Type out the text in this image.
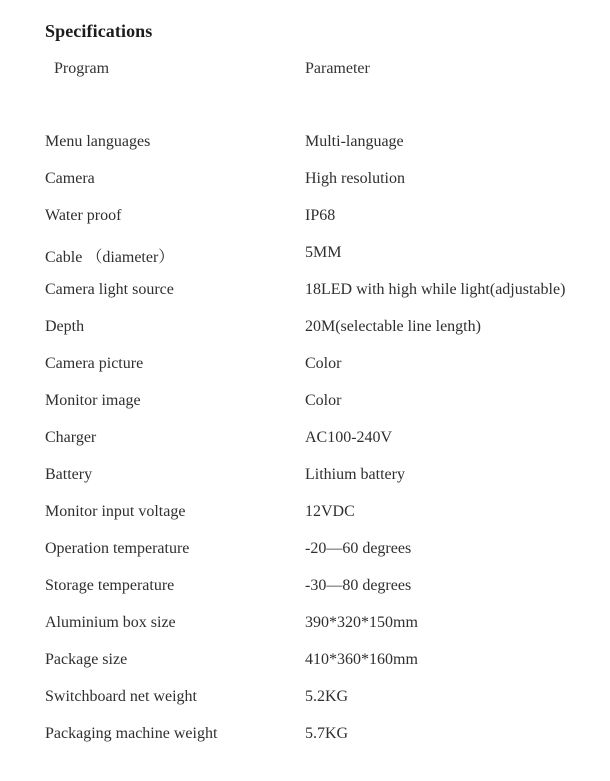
Specifications
Program	Parameter
Menu languages	Multi-language
Camera	High resolution
Water proof	IP68
Cable （diameter）	5MM
Camera light source	18LED with high while light(adjustable)
Depth	20M(selectable line length)
Camera picture	Color
Monitor image	Color
Charger	AC100-240V
Battery	Lithium battery
Monitor input voltage	12VDC
Operation temperature	-20—60 degrees
Storage temperature	-30—80 degrees
Aluminium box size	390*320*150mm
Package size	410*360*160mm
Switchboard net weight	5.2KG
Packaging machine weight	5.7KG
